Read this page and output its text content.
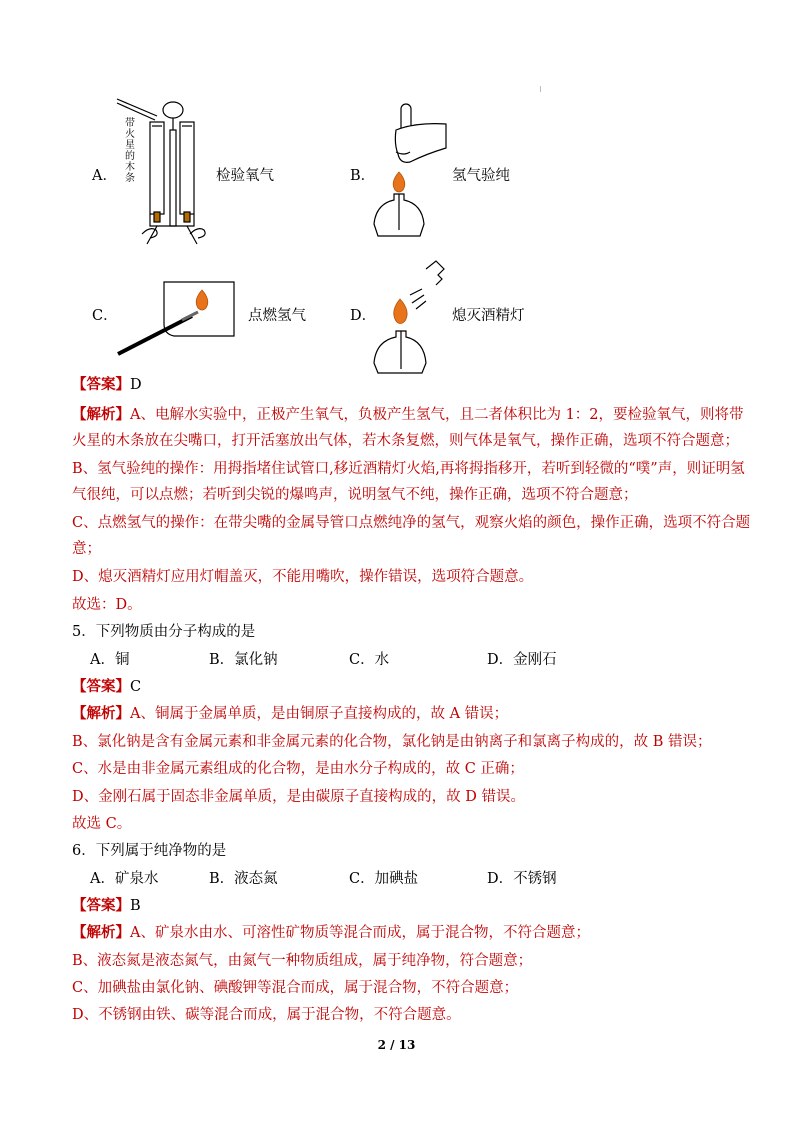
A．
带火星的木条	检验氧气	B．	氢气验纯
C．	点燃氢气	D．	熄灭酒精灯
【答案】D
【解析】A、电解水实验中，正极产生氧气，负极产生氢气，且二者体积比为 1：2，要检验氧气，则将带
火星的木条放在尖嘴口，打开活塞放出气体，若木条复燃，则气体是氧气，操作正确，选项不符合题意；
B、氢气验纯的操作：用拇指堵住试管口,移近酒精灯火焰,再将拇指移开，若听到轻微的“噗”声，则证明氢
气很纯，可以点燃；若听到尖锐的爆鸣声，说明氢气不纯，操作正确，选项不符合题意；
C、点燃氢气的操作：在带尖嘴的金属导管口点燃纯净的氢气，观察火焰的颜色，操作正确，选项不符合题
意；
D、熄灭酒精灯应用灯帽盖灭，不能用嘴吹，操作错误，选项符合题意。
故选：D。
5．下列物质由分子构成的是
A．铜	B．氯化钠	C．水	D．金刚石
【答案】C
【解析】A、铜属于金属单质，是由铜原子直接构成的，故 A 错误；
B、氯化钠是含有金属元素和非金属元素的化合物，氯化钠是由钠离子和氯离子构成的，故 B 错误；
C、水是由非金属元素组成的化合物，是由水分子构成的，故 C 正确；
D、金刚石属于固态非金属单质，是由碳原子直接构成的，故 D 错误。
故选 C。
6．下列属于纯净物的是
A．矿泉水	B．液态氮	C．加碘盐	D．不锈钢
【答案】B
【解析】A、矿泉水由水、可溶性矿物质等混合而成，属于混合物，不符合题意；
B、液态氮是液态氮气，由氮气一种物质组成，属于纯净物，符合题意；
C、加碘盐由氯化钠、碘酸钾等混合而成，属于混合物，不符合题意；
D、不锈钢由铁、碳等混合而成，属于混合物，不符合题意。
2 / 13
